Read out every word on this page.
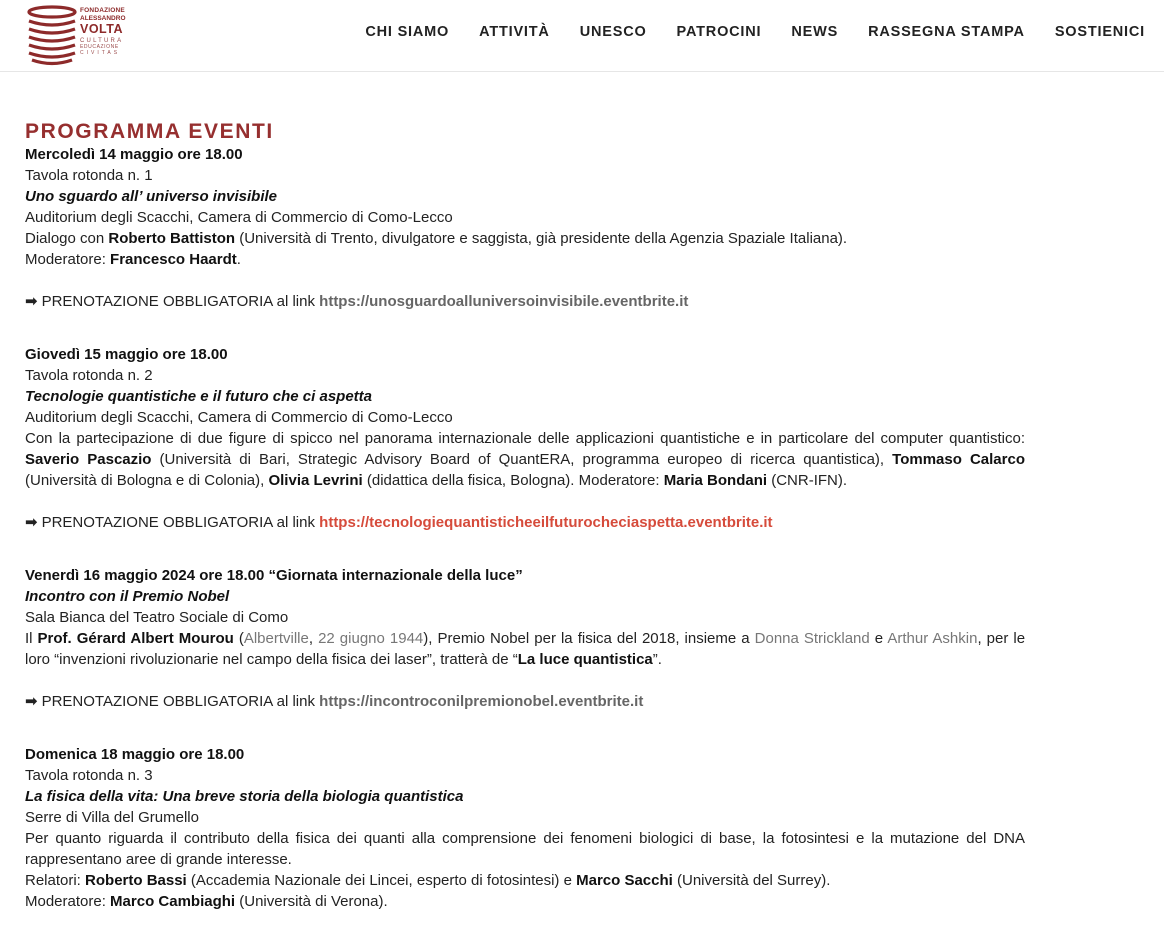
FONDAZIONE
ALESSANDRO
VOLTA
CULTURA
EDUCAZIONE
CIVITAS
CHI SIAMO ATTIVITÀ UNESCO PATROCINI NEWS RASSEGNA STAMPA SOSTIENICI
PROGRAMMA EVENTI
Mercoledì 14 maggio ore 18.00
Tavola rotonda n. 1
Uno sguardo all’ universo invisibile
Auditorium degli Scacchi, Camera di Commercio di Como-Lecco
Dialogo con Roberto Battiston (Università di Trento, divulgatore e saggista, già presidente della Agenzia Spaziale Italiana).
Moderatore: Francesco Haardt.
➡ PRENOTAZIONE OBBLIGATORIA al link https://unosguardoalluniversoinvisibile.eventbrite.it
Giovedì 15 maggio ore 18.00
Tavola rotonda n. 2
Tecnologie quantistiche e il futuro che ci aspetta
Auditorium degli Scacchi, Camera di Commercio di Como-Lecco
Con la partecipazione di due figure di spicco nel panorama internazionale delle applicazioni quantistiche e in particolare del computer quantistico: Saverio Pascazio (Università di Bari, Strategic Advisory Board of QuantERA, programma europeo di ricerca quantistica), Tommaso Calarco (Università di Bologna e di Colonia), Olivia Levrini (didattica della fisica, Bologna). Moderatore: Maria Bondani (CNR-IFN).
➡ PRENOTAZIONE OBBLIGATORIA al link https://tecnologiequantisticheeilfuturocheciaspetta.eventbrite.it
Venerdì 16 maggio 2024 ore 18.00 “Giornata internazionale della luce”
Incontro con il Premio Nobel
Sala Bianca del Teatro Sociale di Como
Il Prof. Gérard Albert Mourou (Albertville, 22 giugno 1944), Premio Nobel per la fisica del 2018, insieme a Donna Strickland e Arthur Ashkin, per le loro “invenzioni rivoluzionarie nel campo della fisica dei laser”, tratterà de “La luce quantistica”.
➡ PRENOTAZIONE OBBLIGATORIA al link https://incontroconilpremionobel.eventbrite.it
Domenica 18 maggio ore 18.00
Tavola rotonda n. 3
La fisica della vita: Una breve storia della biologia quantistica
Serre di Villa del Grumello
Per quanto riguarda il contributo della fisica dei quanti alla comprensione dei fenomeni biologici di base, la fotosintesi e la mutazione del DNA rappresentano aree di grande interesse.
Relatori: Roberto Bassi (Accademia Nazionale dei Lincei, esperto di fotosintesi) e Marco Sacchi (Università del Surrey).
Moderatore: Marco Cambiaghi (Università di Verona).
